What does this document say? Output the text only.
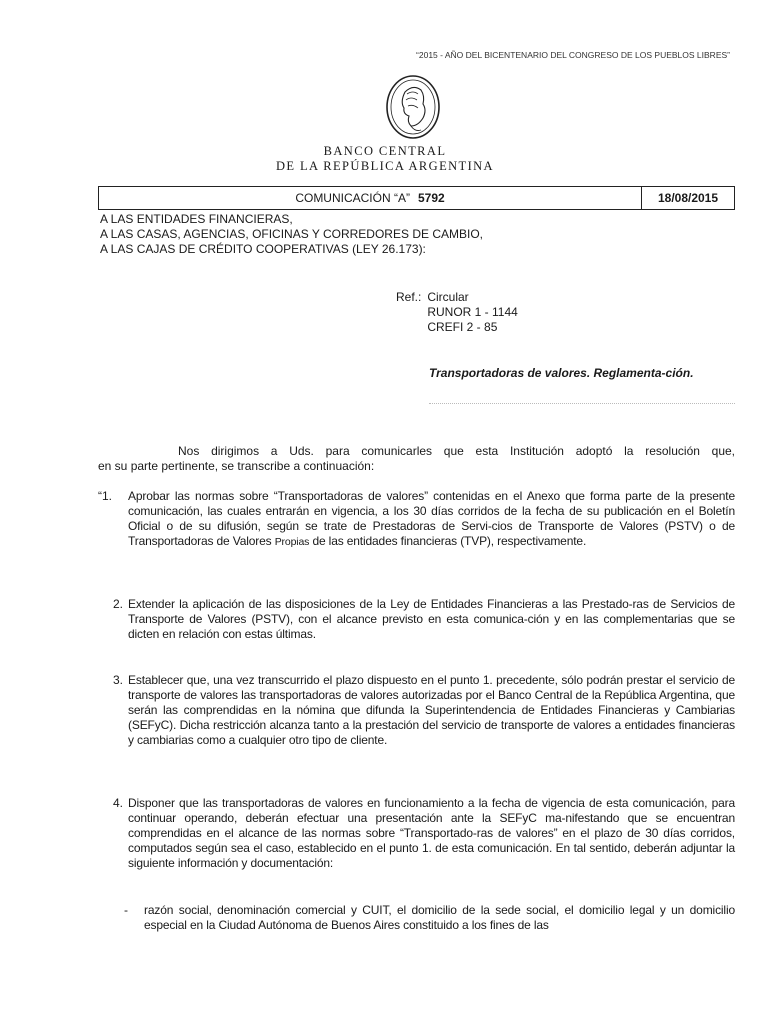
“2015 - AÑO DEL BICENTENARIO DEL CONGRESO DE LOS PUEBLOS LIBRES”
BANCO CENTRAL
DE LA REPÚBLICA ARGENTINA
COMUNICACIÓN “A” 5792	18/08/2015
A LAS ENTIDADES FINANCIERAS,
A LAS CASAS, AGENCIAS, OFICINAS Y CORREDORES DE CAMBIO,
A LAS CAJAS DE CRÉDITO COOPERATIVAS (LEY 26.173):
Ref.: Circular
RUNOR 1 - 1144
CREFI 2 - 85
Transportadoras de valores. Reglamenta-ción.
Nos dirigimos a Uds. para comunicarles que esta Institución adoptó la resolución que,
en su parte pertinente, se transcribe a continuación:
“1.	Aprobar las normas sobre “Transportadoras de valores” contenidas en el Anexo que forma parte de la presente comunicación, las cuales entrarán en vigencia, a los 30 días corridos de la fecha de su publicación en el Boletín Oficial o de su difusión, según se trate de Prestadoras de Servi-cios de Transporte de Valores (PSTV) o de Transportadoras de Valores Propias de las entidades financieras (TVP), respectivamente.
2. Extender la aplicación de las disposiciones de la Ley de Entidades Financieras a las Prestado-ras de Servicios de Transporte de Valores (PSTV), con el alcance previsto en esta comunica-ción y en las complementarias que se dicten en relación con estas últimas.
3. Establecer que, una vez transcurrido el plazo dispuesto en el punto 1. precedente, sólo podrán prestar el servicio de transporte de valores las transportadoras de valores autorizadas por el Banco Central de la República Argentina, que serán las comprendidas en la nómina que difunda la Superintendencia de Entidades Financieras y Cambiarias (SEFyC). Dicha restricción alcanza tanto a la prestación del servicio de transporte de valores a entidades financieras y cambiarias como a cualquier otro tipo de cliente.
4. Disponer que las transportadoras de valores en funcionamiento a la fecha de vigencia de esta comunicación, para continuar operando, deberán efectuar una presentación ante la SEFyC ma-nifestando que se encuentran comprendidas en el alcance de las normas sobre “Transportado-ras de valores” en el plazo de 30 días corridos, computados según sea el caso, establecido en el punto 1. de esta comunicación. En tal sentido, deberán adjuntar la siguiente información y documentación:
-	razón social, denominación comercial y CUIT, el domicilio de la sede social, el domicilio legal y un domicilio especial en la Ciudad Autónoma de Buenos Aires constituido a los fines de las
